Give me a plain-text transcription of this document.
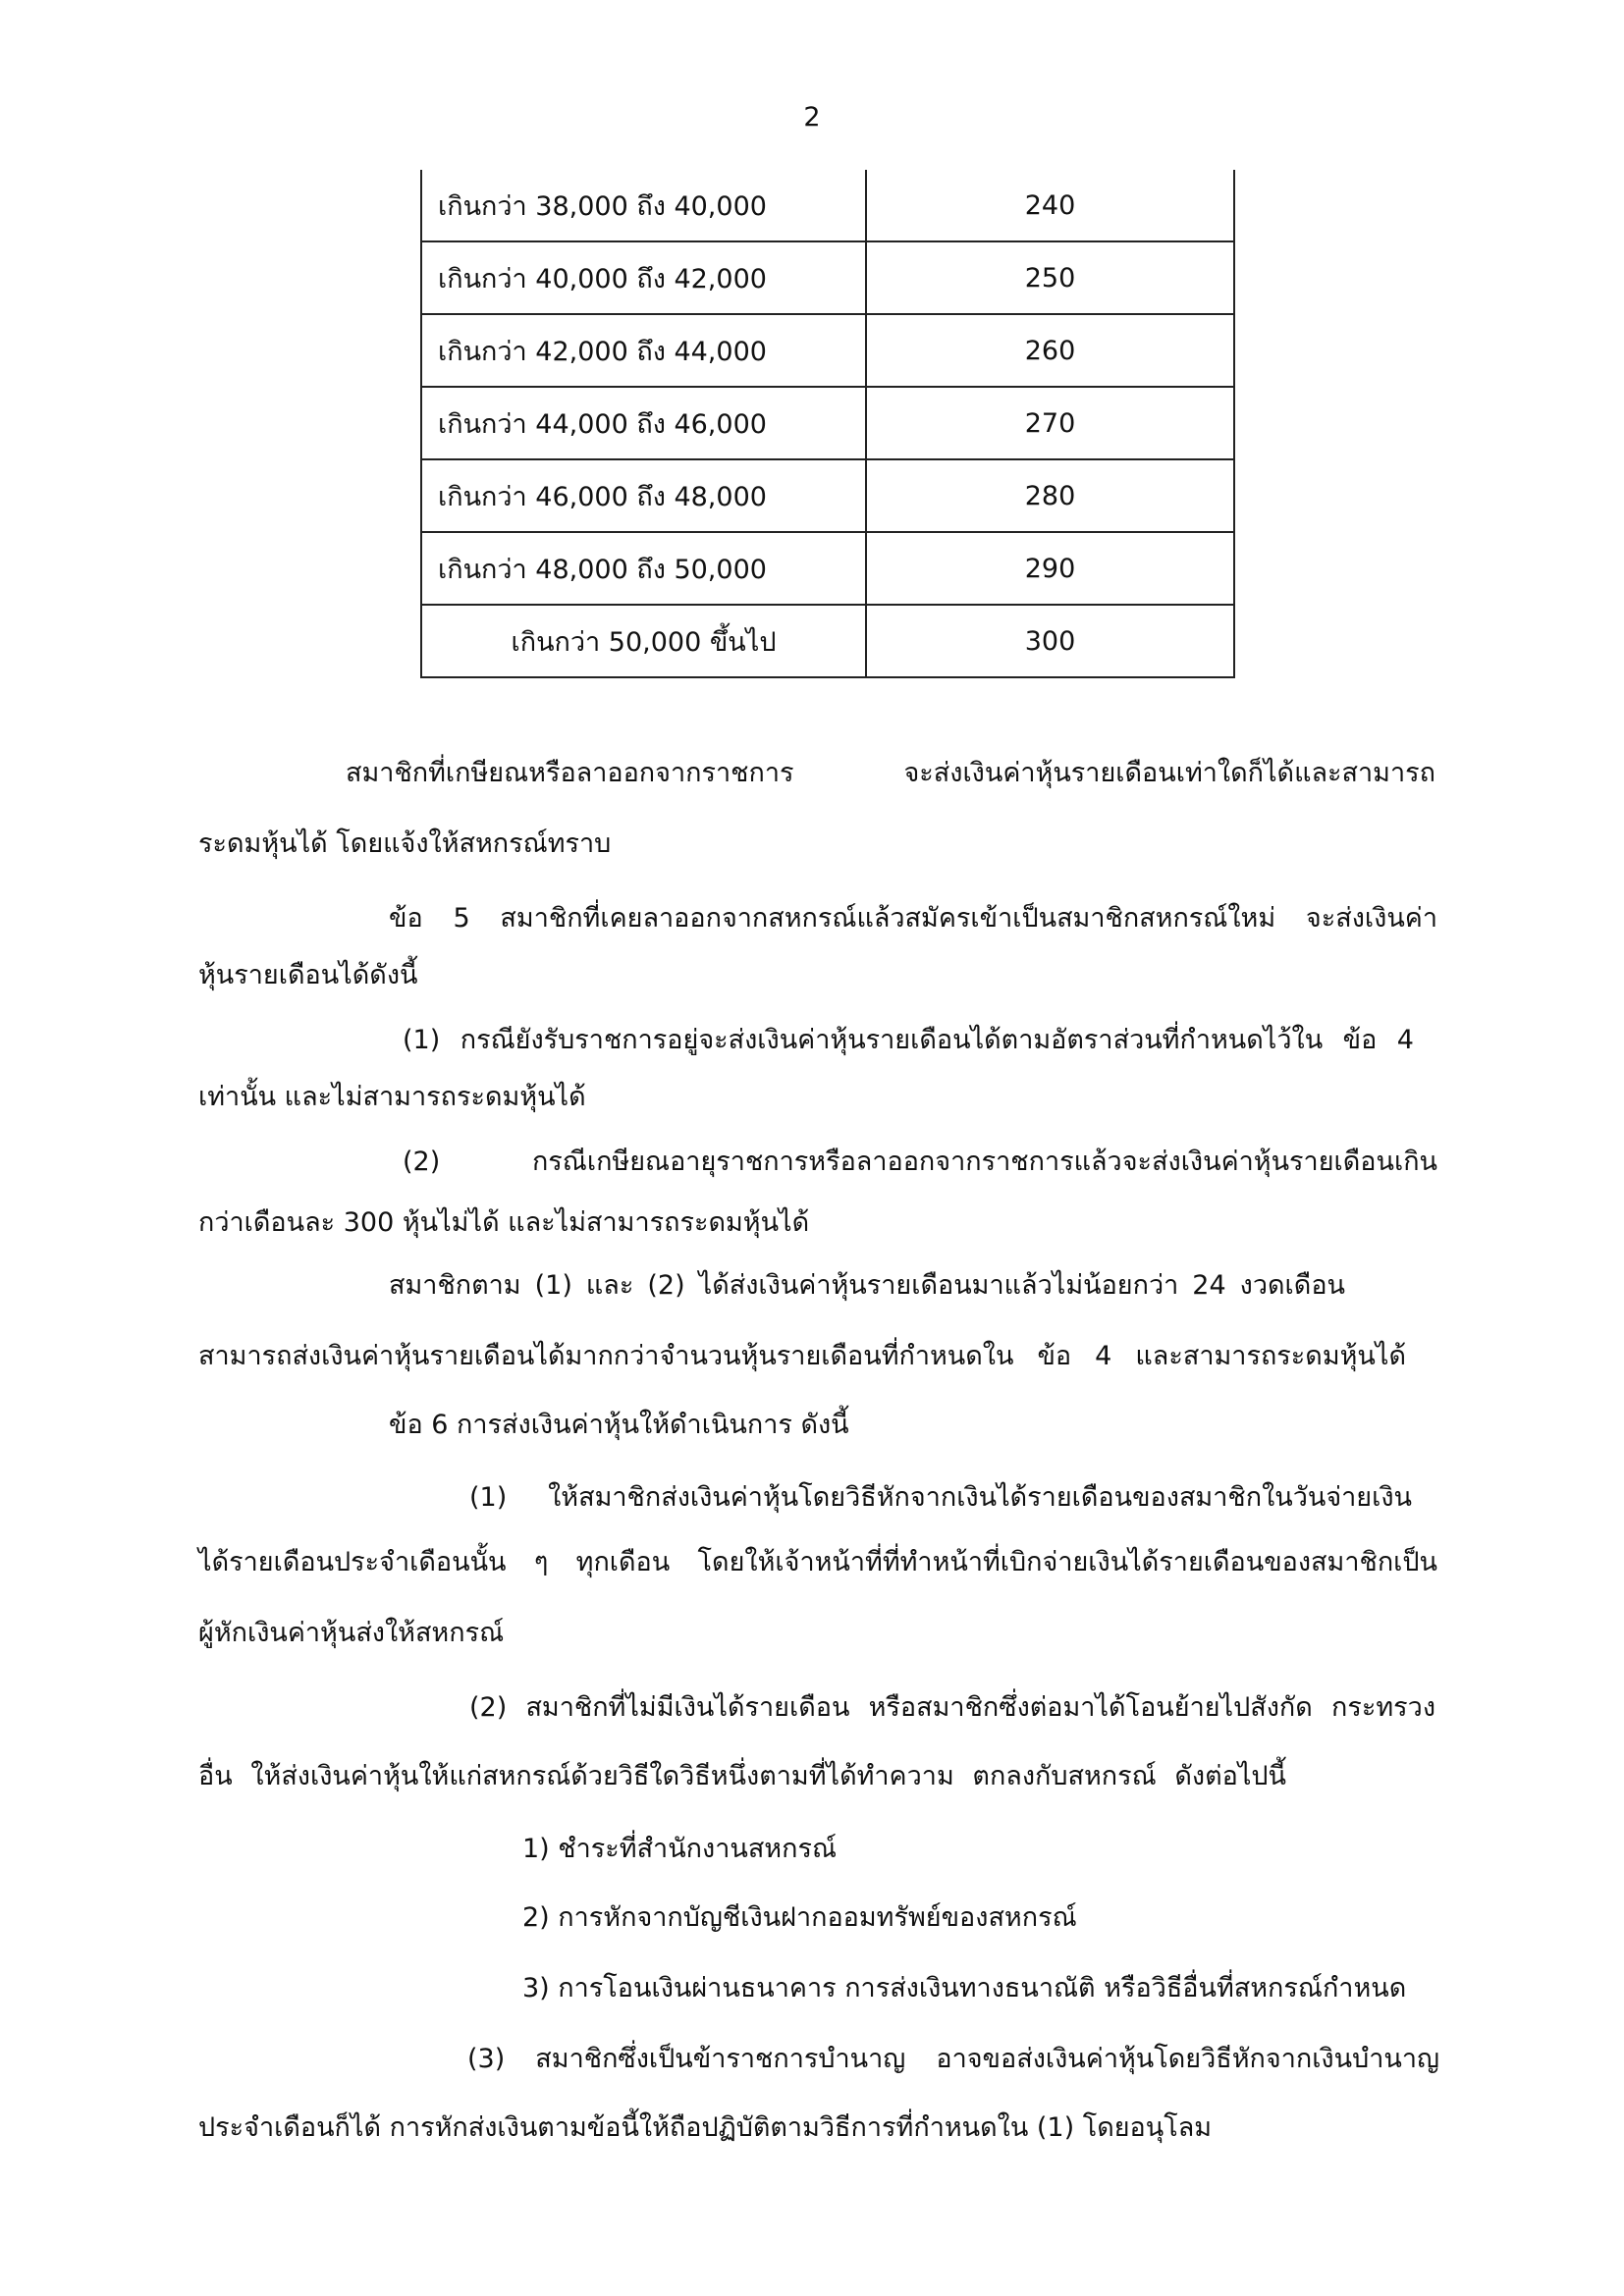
2
เกินกว่า 38,000 ถึง 40,000	240
เกินกว่า 40,000 ถึง 42,000	250
เกินกว่า 42,000 ถึง 44,000	260
เกินกว่า 44,000 ถึง 46,000	270
เกินกว่า 46,000 ถึง 48,000	280
เกินกว่า 48,000 ถึง 50,000	290
เกินกว่า 50,000 ขึ้นไป	300
สมาชิกที่เกษียณหรือลาออกจากราชการ จะส่งเงินค่าหุ้นรายเดือนเท่าใดก็ได้และสามารถ
ระดมหุ้นได้ โดยแจ้งให้สหกรณ์ทราบ
ข้อ 5 สมาชิกที่เคยลาออกจากสหกรณ์แล้วสมัครเข้าเป็นสมาชิกสหกรณ์ใหม่ จะส่งเงินค่า
หุ้นรายเดือนได้ดังนี้
(1) กรณียังรับราชการอยู่จะส่งเงินค่าหุ้นรายเดือนได้ตามอัตราส่วนที่กำหนดไว้ใน ข้อ 4
เท่านั้น และไม่สามารถระดมหุ้นได้
(2) กรณีเกษียณอายุราชการหรือลาออกจากราชการแล้วจะส่งเงินค่าหุ้นรายเดือนเกิน
กว่าเดือนละ 300 หุ้นไม่ได้ และไม่สามารถระดมหุ้นได้
สมาชิกตาม (1) และ (2) ได้ส่งเงินค่าหุ้นรายเดือนมาแล้วไม่น้อยกว่า 24 งวดเดือน
สามารถส่งเงินค่าหุ้นรายเดือนได้มากกว่าจำนวนหุ้นรายเดือนที่กำหนดใน ข้อ 4 และสามารถระดมหุ้นได้
ข้อ 6 การส่งเงินค่าหุ้นให้ดำเนินการ ดังนี้
(1) ให้สมาชิกส่งเงินค่าหุ้นโดยวิธีหักจากเงินได้รายเดือนของสมาชิกในวันจ่ายเงิน
ได้รายเดือนประจำเดือนนั้น ๆ ทุกเดือน โดยให้เจ้าหน้าที่ที่ทำหน้าที่เบิกจ่ายเงินได้รายเดือนของสมาชิกเป็น
ผู้หักเงินค่าหุ้นส่งให้สหกรณ์
(2) สมาชิกที่ไม่มีเงินได้รายเดือน หรือสมาชิกซึ่งต่อมาได้โอนย้ายไปสังกัด กระทรวง
อื่น ให้ส่งเงินค่าหุ้นให้แก่สหกรณ์ด้วยวิธีใดวิธีหนึ่งตามที่ได้ทำความ ตกลงกับสหกรณ์ ดังต่อไปนี้
1) ชำระที่สำนักงานสหกรณ์
2) การหักจากบัญชีเงินฝากออมทรัพย์ของสหกรณ์
3) การโอนเงินผ่านธนาคาร การส่งเงินทางธนาณัติ หรือวิธีอื่นที่สหกรณ์กำหนด
(3) สมาชิกซึ่งเป็นข้าราชการบำนาญ อาจขอส่งเงินค่าหุ้นโดยวิธีหักจากเงินบำนาญ
ประจำเดือนก็ได้ การหักส่งเงินตามข้อนี้ให้ถือปฏิบัติตามวิธีการที่กำหนดใน (1) โดยอนุโลม
